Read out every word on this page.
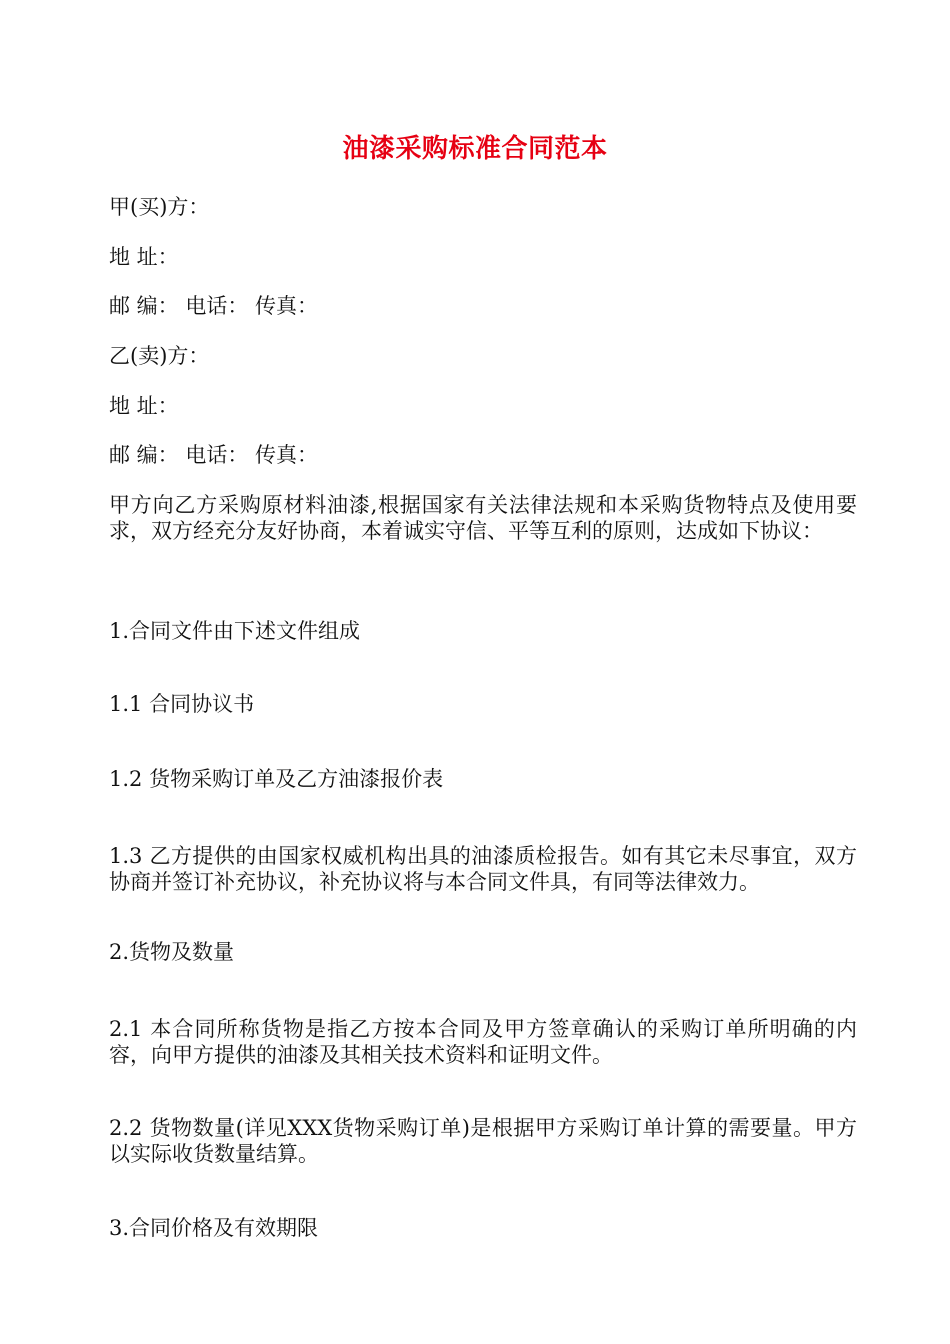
油漆采购标准合同范本
甲(买)方：
地 址：
邮 编： 电话： 传真：
乙(卖)方：
地 址：
邮 编： 电话： 传真：
甲方向乙方采购原材料油漆,根据国家有关法律法规和本采购货物特点及使用要求，双方经充分友好协商，本着诚实守信、平等互利的原则，达成如下协议：
1.合同文件由下述文件组成
1.1 合同协议书
1.2 货物采购订单及乙方油漆报价表
1.3 乙方提供的由国家权威机构出具的油漆质检报告。如有其它未尽事宜，双方协商并签订补充协议，补充协议将与本合同文件具，有同等法律效力。
2.货物及数量
2.1 本合同所称货物是指乙方按本合同及甲方签章确认的采购订单所明确的内容，向甲方提供的油漆及其相关技术资料和证明文件。
2.2 货物数量(详见XXX货物采购订单)是根据甲方采购订单计算的需要量。甲方以实际收货数量结算。
3.合同价格及有效期限
